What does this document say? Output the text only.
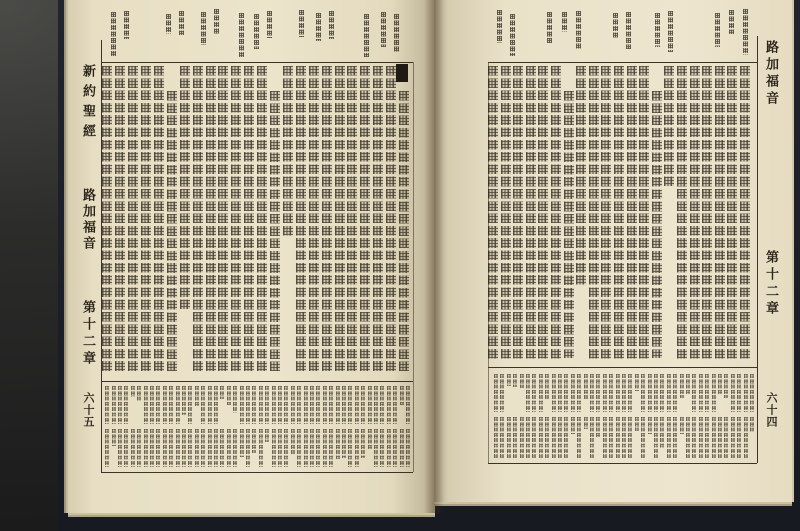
新約聖經
路加福音
第十二章
六十五
路加福音
第十二章
六十四
